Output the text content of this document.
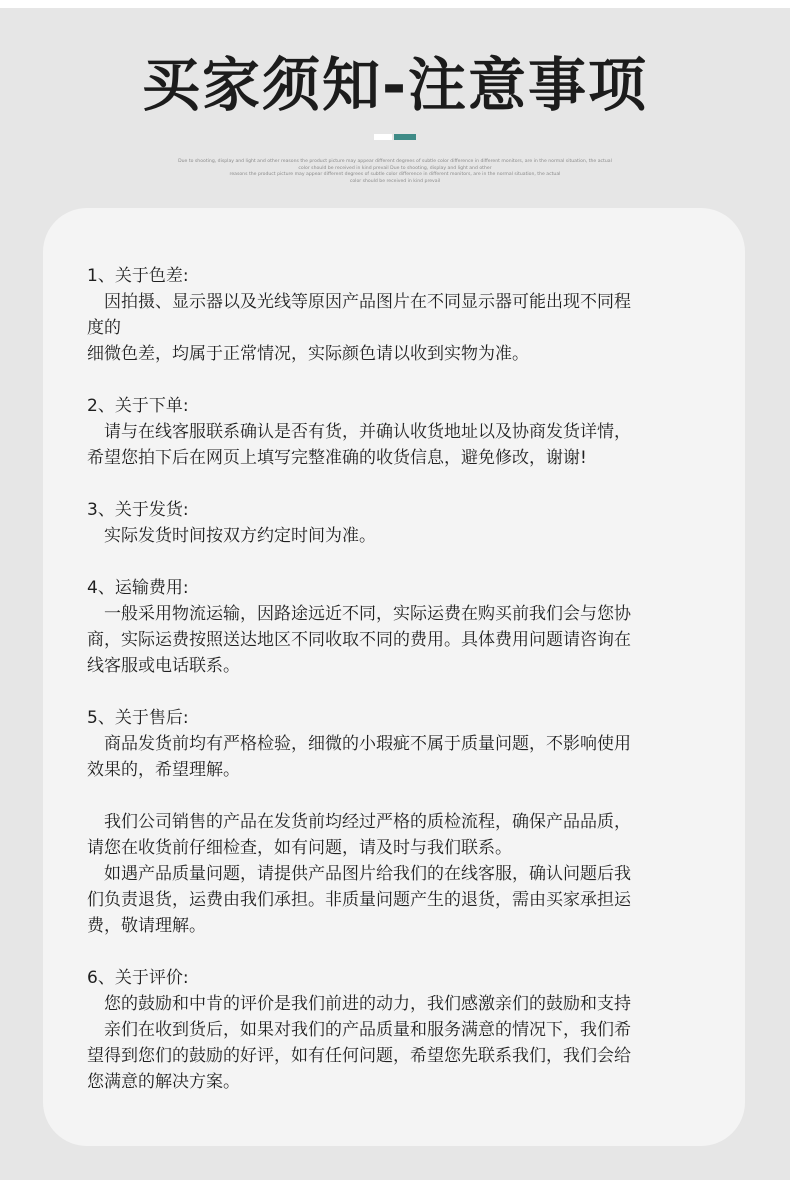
买家须知-注意事项
Due to shooting, display and light and other reasons the product picture may appear different degrees of subtle color difference in different monitors, are in the normal situation, the actual
color should be received in kind prevail Due to shooting, display and light and other
reasons the product picture may appear different degrees of subtle color difference in different monitors, are in the normal situation, the actual
color should be received in kind prevail
1、关于色差:
　因拍摄、显示器以及光线等原因产品图片在不同显示器可能出现不同程
度的
细微色差，均属于正常情况，实际颜色请以收到实物为准。
2、关于下单:
　请与在线客服联系确认是否有货，并确认收货地址以及协商发货详情，
希望您拍下后在网页上填写完整准确的收货信息，避免修改，谢谢!
3、关于发货:
　实际发货时间按双方约定时间为准。
4、运输费用:
　一般采用物流运输，因路途远近不同，实际运费在购买前我们会与您协
商，实际运费按照送达地区不同收取不同的费用。具体费用问题请咨询在
线客服或电话联系。
5、关于售后:
　商品发货前均有严格检验，细微的小瑕疵不属于质量问题，不影响使用
效果的，希望理解。
　我们公司销售的产品在发货前均经过严格的质检流程，确保产品品质，
请您在收货前仔细检查，如有问题，请及时与我们联系。
　如遇产品质量问题，请提供产品图片给我们的在线客服，确认问题后我
们负责退货，运费由我们承担。非质量问题产生的退货，需由买家承担运
费，敬请理解。
6、关于评价:
　您的鼓励和中肯的评价是我们前进的动力，我们感激亲们的鼓励和支持
　亲们在收到货后，如果对我们的产品质量和服务满意的情况下，我们希
望得到您们的鼓励的好评，如有任何问题，希望您先联系我们，我们会给
您满意的解决方案。
